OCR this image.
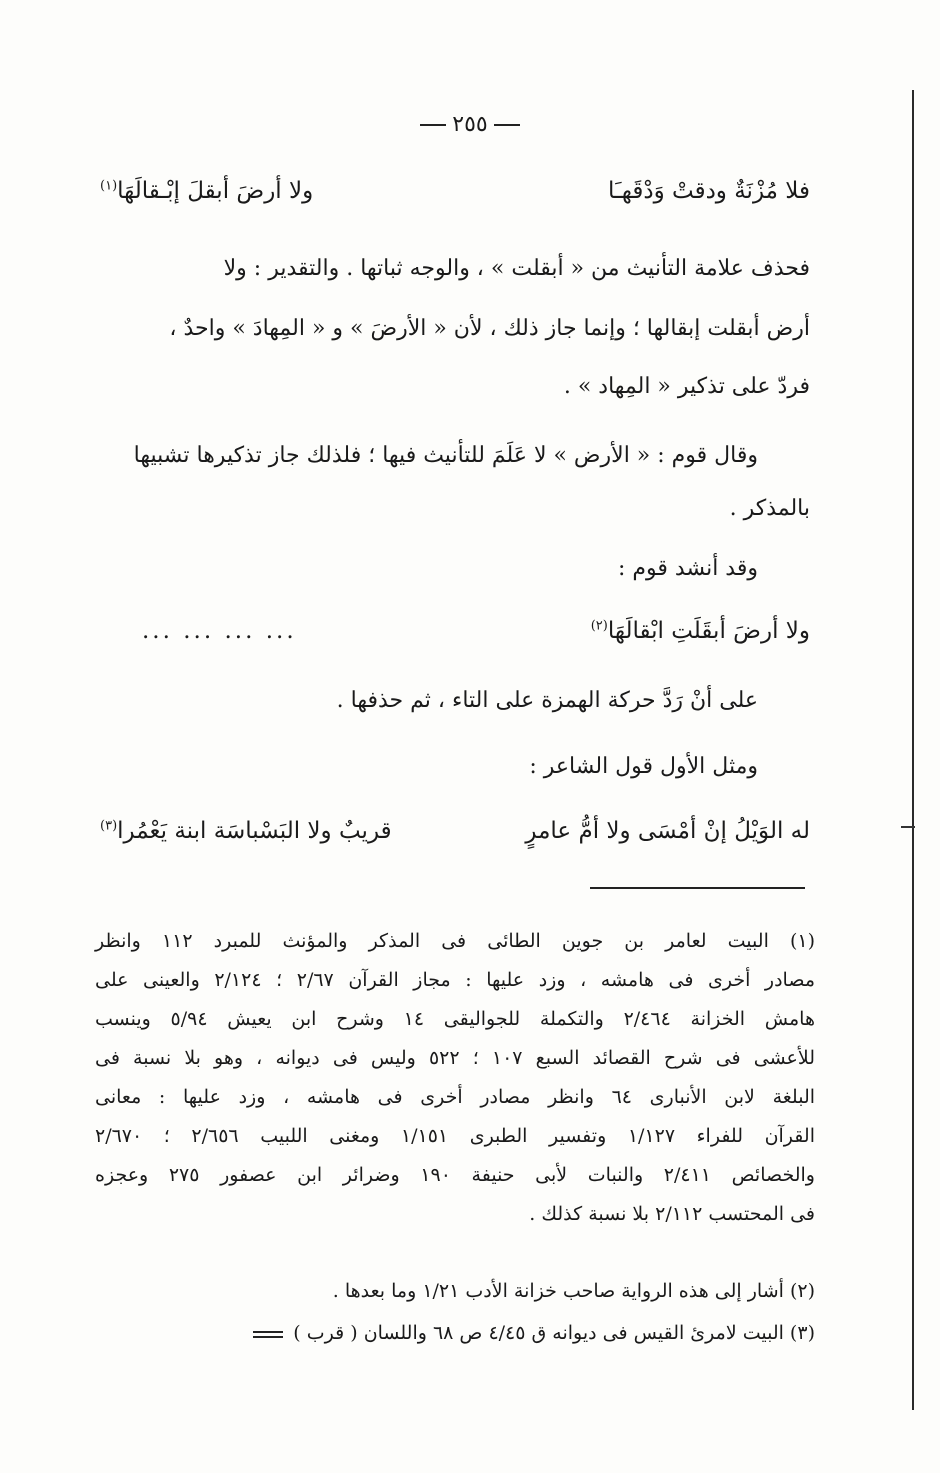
٢٥٥
فلا مُزْنَةٌ ودقتْ وَدْقَهـَا
ولا أرضَ أبقلَ إبْـقالَهَا$^{(١)}$
فحذف علامة التأنيث من « أبقلت » ، والوجه ثباتها . والتقدير : ولا
أرض أبقلت إبقالها ؛ وإنما جاز ذلك ، لأن « الأرضَ » و « المِهادَ » واحدٌ ،
فردّ على تذكير « المِهاد » .
وقال قوم : « الأرض » لا عَلَمَ للتأنيث فيها ؛ فلذلك جاز تذكيرها تشبيها
بالمذكر .
وقد أنشد قوم :
... ... ... ...	ولا أرضَ أبقَلَتِ ابْقالَهَا$^{(٢)}$
على أنْ رَدَّ حركة الهمزة على التاء ، ثم حذفها .
ومثل الأول قول الشاعر :
له الوَيْلُ إنْ أمْسَى ولا أمُّ عامرٍ
قريبٌ ولا البَسْباسَة ابنة يَعْمُرا$^{(٣)}$
(١) البيت لعامر بن جوين الطائى فى المذكر والمؤنث للمبرد ١١٢ وانظر
مصادر أخرى فى هامشه ، وزد عليها : مجاز القرآن ٢/٦٧ ؛ ٢/١٢٤ والعينى على
هامش الخزانة ٢/٤٦٤ والتكملة للجواليقى ١٤ وشرح ابن يعيش ٥/٩٤ وينسب
للأعشى فى شرح القصائد السبع ١٠٧ ؛ ٥٢٢ وليس فى ديوانه ، وهو بلا نسبة فى
البلغة لابن الأنبارى ٦٤ وانظر مصادر أخرى فى هامشه ، وزد عليها : معانى
القرآن للفراء ١/١٢٧ وتفسير الطبرى ١/١٥١ ومغنى اللبيب ٢/٦٥٦ ؛ ٢/٦٧٠
والخصائص ٢/٤١١ والنبات لأبى حنيفة ١٩٠ وضرائر ابن عصفور ٢٧٥ وعجزه
فى المحتسب ٢/١١٢ بلا نسبة كذلك .
(٢) أشار إلى هذه الرواية صاحب خزانة الأدب ١/٢١ وما بعدها .
(٣) البيت لامرئ القيس فى ديوانه ق ٤/٤٥ ص ٦٨ واللسان ( قرب )
